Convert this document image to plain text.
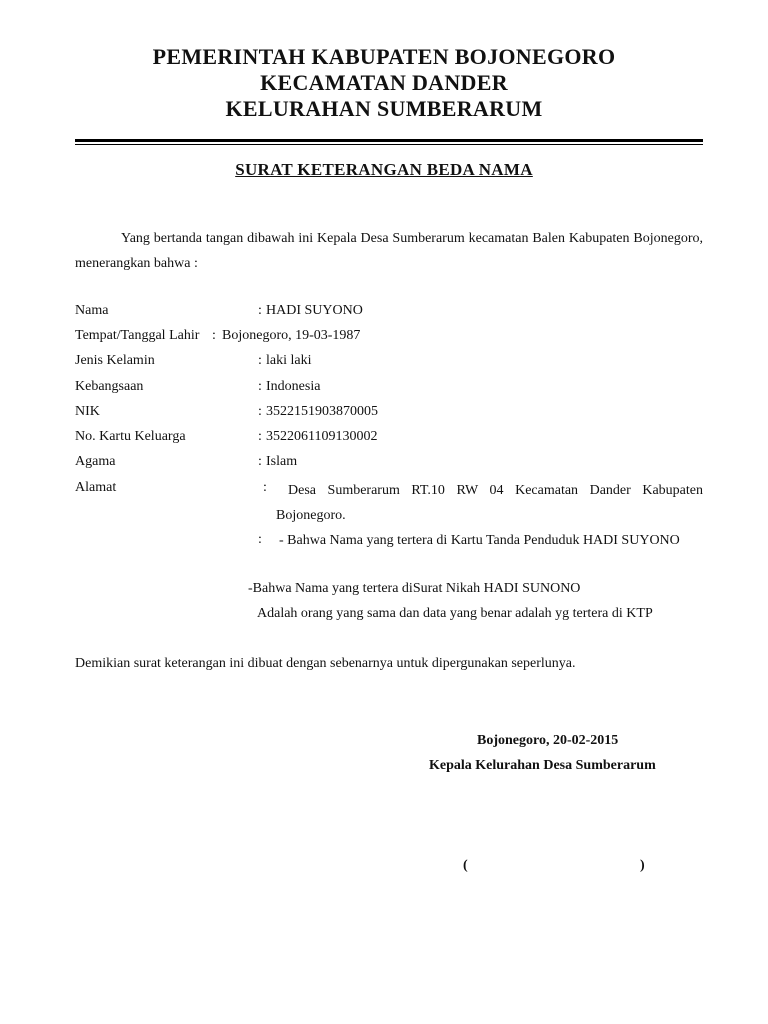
PEMERINTAH KABUPATEN BOJONEGORO
KECAMATAN DANDER
KELURAHAN SUMBERARUM
SURAT KETERANGAN BEDA NAMA
Yang bertanda tangan dibawah ini Kepala Desa Sumberarum kecamatan Balen Kabupaten Bojonegoro, menerangkan bahwa :
Nama	: HADI SUYONO
Tempat/Tanggal Lahir : Bojonegoro, 19-03-1987
Jenis Kelamin	: laki laki
Kebangsaan	: Indonesia
NIK	: 3522151903870005
No. Kartu Keluarga	: 3522061109130002
Agama	: Islam
Alamat	:	Desa Sumberarum RT.10 RW 04 Kecamatan Dander Kabupaten Bojonegoro.
: - Bahwa Nama yang tertera di Kartu Tanda Penduduk HADI SUYONO
-Bahwa Nama yang tertera diSurat Nikah HADI SUNONO
Adalah orang yang sama dan data yang benar adalah yg tertera di KTP
Demikian surat keterangan ini dibuat dengan sebenarnya untuk dipergunakan seperlunya.
Bojonegoro, 20-02-2015
Kepala Kelurahan Desa Sumberarum
(	)
